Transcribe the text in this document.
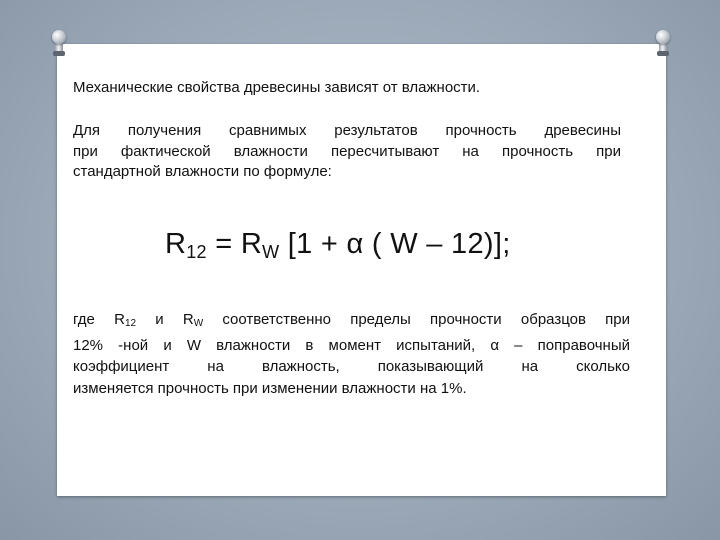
Механические свойства древесины зависят от влажности.
Для получения сравнимых результатов прочность древесины
при фактической влажности пересчитывают на прочность при
стандартной влажности по формуле:
$R_{12} = R_W$ [1 + α ( W – 12)];
где $R_{12}$ и $R_W$ соответственно пределы прочности образцов при
12% -ной и W влажности в момент испытаний, α – поправочный
коэффициент на влажность, показывающий на сколько
изменяется прочность при изменении влажности на 1%.
